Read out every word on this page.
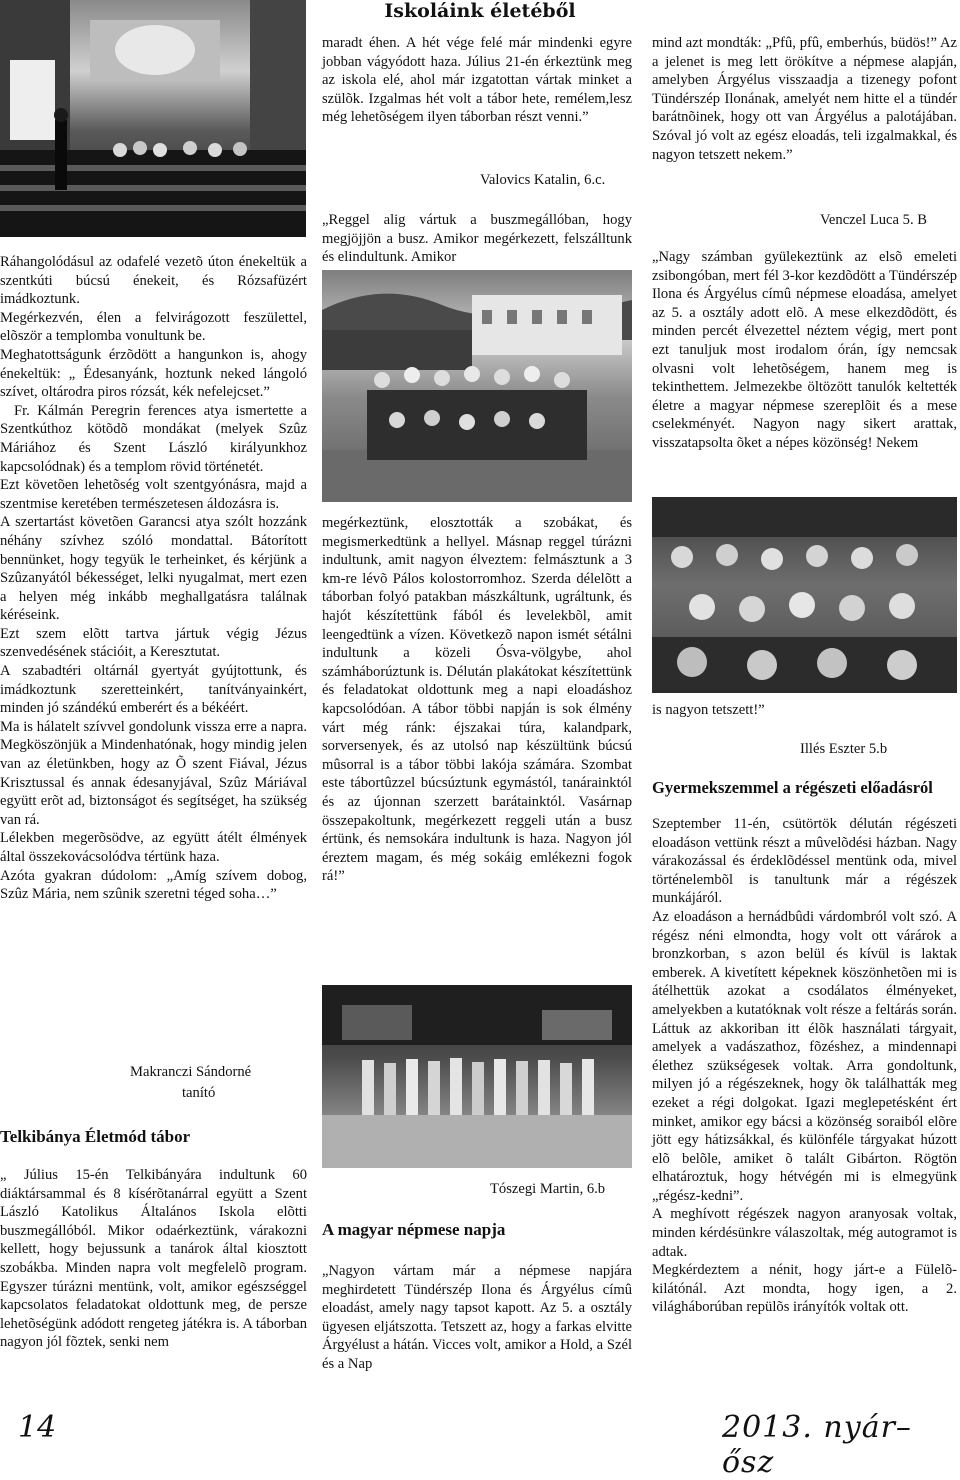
Iskoláink életéből

Ráhangolódásul az odafelé vezetõ úton énekeltük a szentkúti búcsú énekeit, és Rózsafüzért imádkoztunk.

Megérkezvén, élen a felvirágozott feszülettel, elõször a templomba vonultunk be.

Meghatottságunk érzõdött a hangunkon is, ahogy énekeltük: „ Édesanyánk, hoztunk neked lángoló szívet, oltárodra piros rózsát, kék nefelejcset.”

Fr. Kálmán Peregrin ferences atya ismertette a Szentkúthoz kötõdõ mondákat (melyek Szûz Máriához és Szent László királyunkhoz kapcsolódnak) és a templom rövid történetét.

Ezt követõen lehetõség volt szentgyónásra, majd a szentmise keretében természetesen áldozásra is.

A szertartást követõen Garancsi atya szólt hozzánk néhány szívhez szóló mondattal. Bátorított bennünket, hogy tegyük le terheinket, és kérjünk a Szûzanyától békességet, lelki nyugalmat, mert ezen a helyen még inkább meghallgatásra találnak kéréseink.

Ezt szem elõtt tartva jártuk végig Jézus szenvedésének stációit, a Keresztutat.

A szabadtéri oltárnál gyertyát gyújtottunk, és imádkoztunk szeretteinkért, tanítványainkért, minden jó szándékú emberért és a békéért.

Ma is hálatelt szívvel gondolunk vissza erre a napra. Megköszönjük a Mindenhatónak, hogy mindig jelen van az életünkben, hogy az Õ szent Fiával, Jézus Krisztussal és annak édesanyjával, Szûz Máriával együtt erõt ad, biztonságot és segítséget, ha szükség van rá.

Lélekben megerõsödve, az együtt átélt élmények által összekovácsolódva tértünk haza.

Azóta gyakran dúdolom: „Amíg szívem dobog, Szûz Mária, nem szûnik szeretni téged soha…”

Makranczi Sándorné
tanító
Telkibánya Életmód tábor

„ Július 15-én Telkibányára indultunk 60 diáktársammal és 8 kísérõtanárral együtt a Szent László Katolikus Általános Iskola elõtti buszmegállóból. Mikor odaérkeztünk, várakozni kellett, hogy bejussunk a tanárok által kiosztott szobákba. Minden napra volt megfelelõ program. Egyszer túrázni mentünk, volt, amikor egészséggel kapcsolatos feladatokat oldottunk meg, de persze lehetõségünk adódott rengeteg játékra is. A táborban nagyon jól fõztek, senki nem

maradt éhen. A hét vége felé már mindenki egyre jobban vágyódott haza. Július 21-én érkeztünk meg az iskola elé, ahol már izgatottan vártak minket a szülõk. Izgalmas hét volt a tábor hete, remélem,lesz még lehetõségem ilyen táborban részt venni.”

Valovics Katalin, 6.c.

„Reggel alig vártuk a buszmegállóban, hogy megjöjjön a busz. Amikor megérkezett, felszálltunk és elindultunk. Amikor

megérkeztünk, elosztották a szobákat, és megismerkedtünk a hellyel. Másnap reggel túrázni indultunk, amit nagyon élveztem: felmásztunk a 3 km-re lévõ Pálos kolostorromhoz. Szerda délelõtt a táborban folyó patakban mászkáltunk, ugráltunk, és hajót készítettünk fából és levelekbõl, amit leengedtünk a vízen. Következõ napon ismét sétálni indultunk a közeli Ósva-völgybe, ahol számháborúztunk is. Délután plakátokat készítettünk és feladatokat oldottunk meg a napi eloadáshoz kapcsolódóan. A tábor többi napján is sok élmény várt még ránk: éjszakai túra, kalandpark, sorversenyek, és az utolsó nap készültünk búcsú mûsorral is a tábor többi lakója számára. Szombat este tábortûzzel búcsúztunk egymástól, tanárainktól és az újonnan szerzett barátainktól. Vasárnap összepakoltunk, megérkezett reggeli után a busz értünk, és nemsokára indultunk is haza. Nagyon jól éreztem magam, és még sokáig emlékezni fogok rá!”

Tószegi Martin, 6.b
A magyar népmese napja

„Nagyon vártam már a népmese napjára meghirdetett Tündérszép Ilona és Árgyélus címû eloadást, amely nagy tapsot kapott. Az 5. a osztály ügyesen eljátszotta. Tetszett az, hogy a farkas elvitte Árgyélust a hátán. Vicces volt, amikor a Hold, a Szél és a Nap

mind azt mondták: „Pfû, pfû, emberhús, büdös!” Az a jelenet is meg lett örökítve a népmese alapján, amelyben Árgyélus visszaadja a tizenegy pofont Tündérszép Ilonának, amelyét nem hitte el a tündér barátnõinek, hogy ott van Árgyélus a palotájában. Szóval jó volt az egész eloadás, teli izgalmakkal, és nagyon tetszett nekem.”

Venczel Luca 5. B

„Nagy számban gyülekeztünk az elsõ emeleti zsibongóban, mert fél 3-kor kezdõdött a Tündérszép Ilona és Árgyélus címû népmese eloadása, amelyet az 5. a osztály adott elõ. A mese elkezdõdött, és minden percét élvezettel néztem végig, mert pont ezt tanuljuk most irodalom órán, így nemcsak olvasni volt lehetõségem, hanem meg is tekinthettem. Jelmezekbe öltözött tanulók keltették életre a magyar népmese szereplõit és a mese cselekményét. Nagyon nagy sikert arattak, visszatapsolta õket a népes közönség! Nekem

is nagyon tetszett!”

Illés Eszter 5.b
Gyermekszemmel a régészeti előadásról

Szeptember 11-én, csütörtök délután régészeti eloadáson vettünk részt a mûvelõdési házban. Nagy várakozással és érdeklõdéssel mentünk oda, mivel történelembõl is tanultunk már a régészek munkájáról.

Az eloadáson a hernádbûdi várdombról volt szó. A régész néni elmondta, hogy volt ott várárok a bronzkorban, s azon belül és kívül is laktak emberek. A kivetített képeknek köszönhetõen mi is átélhettük azokat a csodálatos élményeket, amelyekben a kutatóknak volt része a feltárás során. Láttuk az akkoriban itt élõk használati tárgyait, amelyek a vadászathoz, fõzéshez, a mindennapi élethez szükségesek voltak. Arra gondoltunk, milyen jó a régészeknek, hogy õk találhatták meg ezeket a régi dolgokat. Igazi meglepetésként ért minket, amikor egy bácsi a közönség soraiból elõre jött egy hátizsákkal, és különféle tárgyakat húzott elõ belõle, amiket õ talált Gibárton. Rögtön elhatároztuk, hogy hétvégén mi is elmegyünk „régész-kedni”.

A meghívott régészek nagyon aranyosak voltak, minden kérdésünkre válaszoltak, még autogramot is adtak.

Megkérdeztem a nénit, hogy járt-e a Fülelõ-kilátónál. Azt mondta, hogy igen, a 2. világháborúban repülõs irányítók voltak ott.

14	2013. nyár–ősz
